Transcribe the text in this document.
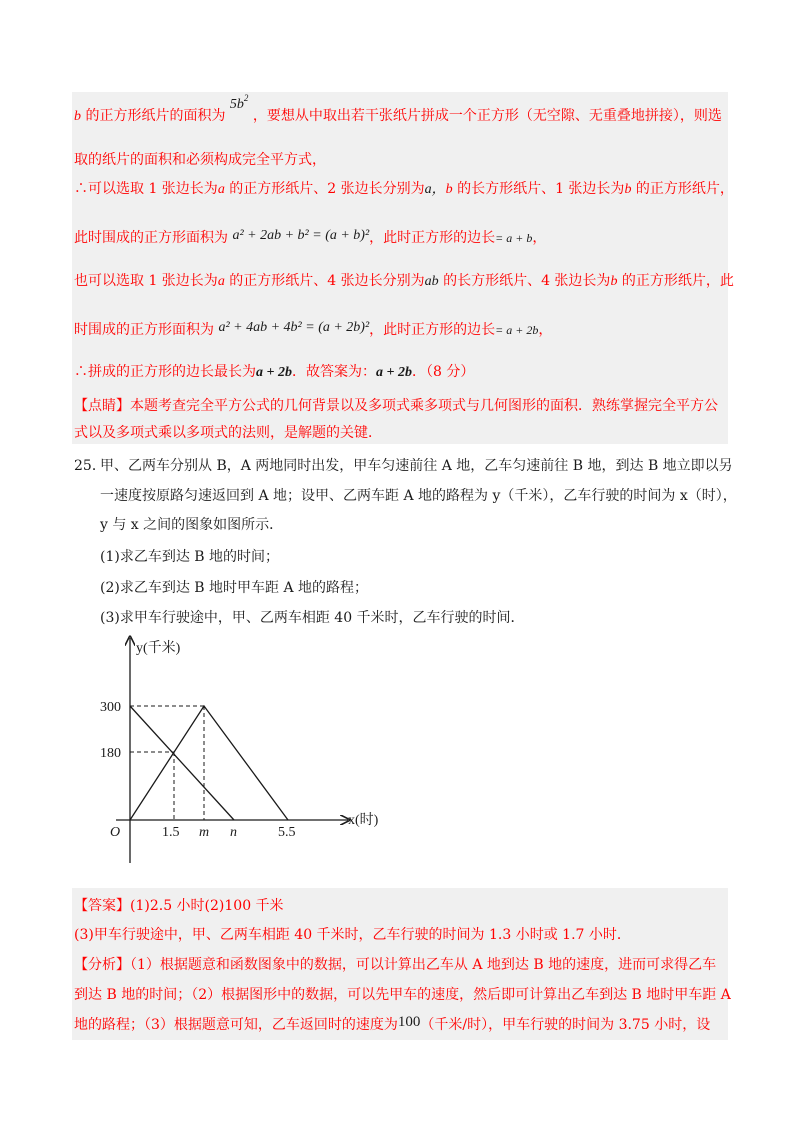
b 的正方形纸片的面积为 $5b^2$ ，要想从中取出若干张纸片拼成一个正方形（无空隙、无重叠地拼接），则选
取的纸片的面积和必须构成完全平方式，
∴可以选取 1 张边长为a 的正方形纸片、2 张边长分别为a，b 的长方形纸片、1 张边长为b 的正方形纸片，
此时围成的正方形面积为 a² + 2ab + b² = (a + b)²，此时正方形的边长= a + b，
也可以选取 1 张边长为a 的正方形纸片、4 张边长分别为ab 的长方形纸片、4 张边长为b 的正方形纸片，此
时围成的正方形面积为 a² + 4ab + 4b² = (a + 2b)²，此时正方形的边长= a + 2b，
∴拼成的正方形的边长最长为a + 2b．故答案为：a + 2b．（8 分）
【点睛】本题考查完全平方公式的几何背景以及多项式乘多项式与几何图形的面积．熟练掌握完全平方公
式以及多项式乘以多项式的法则，是解题的关键．
25．
甲、乙两车分别从 B，A 两地同时出发，甲车匀速前往 A 地，乙车匀速前往 B 地，到达 B 地立即以另
一速度按原路匀速返回到 A 地；设甲、乙两车距 A 地的路程为 y（千米），乙车行驶的时间为 x（时），
y 与 x 之间的图象如图所示．
(1)求乙车到达 B 地的时间；
(2)求乙车到达 B 地时甲车距 A 地的路程；
(3)求甲车行驶途中，甲、乙两车相距 40 千米时，乙车行驶的时间．
y(千米)
x(时)
O
300
180
1.5 m n	5.5
【答案】(1)2.5 小时(2)100 千米
(3)甲车行驶途中，甲、乙两车相距 40 千米时，乙车行驶的时间为 1.3 小时或 1.7 小时．
【分析】（1）根据题意和函数图象中的数据，可以计算出乙车从 A 地到达 B 地的速度，进而可求得乙车
到达 B 地的时间；（2）根据图形中的数据，可以先甲车的速度，然后即可计算出乙车到达 B 地时甲车距 A
地的路程；（3）根据题意可知，乙车返回时的速度为100（千米/时），甲车行驶的时间为 3.75 小时，设
